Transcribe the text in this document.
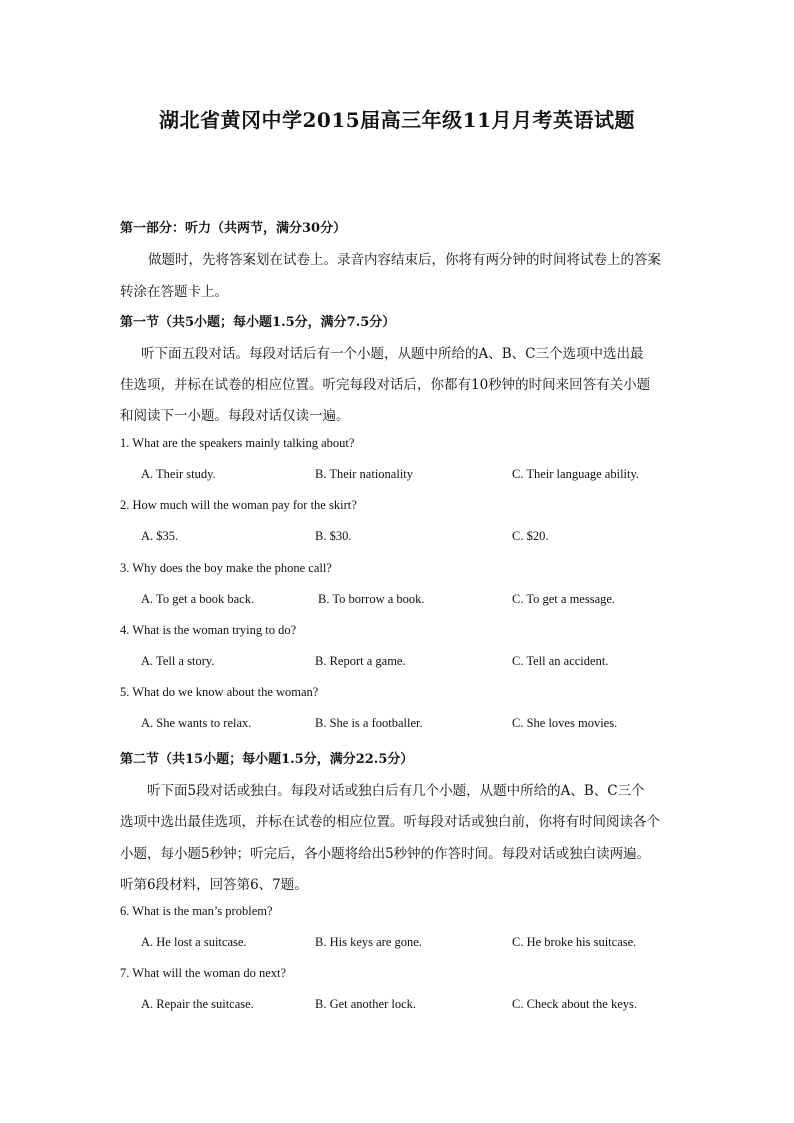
湖北省黄冈中学2015届高三年级11月月考英语试题
第一部分：听力（共两节，满分30分）
做题时，先将答案划在试卷上。录音内容结束后，你将有两分钟的时间将试卷上的答案
转涂在答题卡上。
第一节（共5小题；每小题1.5分，满分7.5分）
听下面五段对话。每段对话后有一个小题，从题中所给的A、B、C三个选项中选出最
佳选项，并标在试卷的相应位置。听完每段对话后，你都有10秒钟的时间来回答有关小题
和阅读下一小题。每段对话仅读一遍。
1. What are the speakers mainly talking about?
A. Their study.	B. Their nationality	C. Their language ability.
2. How much will the woman pay for the skirt?
A. $35.	B. $30.	C. $20.
3. Why does the boy make the phone call?
A. To get a book back.	B. To borrow a book.	C. To get a message.
4. What is the woman trying to do?
A. Tell a story.	B. Report a game.	C. Tell an accident.
5. What do we know about the woman?
A. She wants to relax.	B. She is a footballer.	C. She loves movies.
第二节（共15小题；每小题1.5分，满分22.5分）
听下面5段对话或独白。每段对话或独白后有几个小题，从题中所给的A、B、C三个
选项中选出最佳选项，并标在试卷的相应位置。听每段对话或独白前，你将有时间阅读各个
小题，每小题5秒钟；听完后，各小题将给出5秒钟的作答时间。每段对话或独白读两遍。
听第6段材料，回答第6、7题。
6. What is the man’s problem?
A. He lost a suitcase.	B. His keys are gone.	C. He broke his suitcase.
7. What will the woman do next?
A. Repair the suitcase.	B. Get another lock.	C. Check about the keys.
